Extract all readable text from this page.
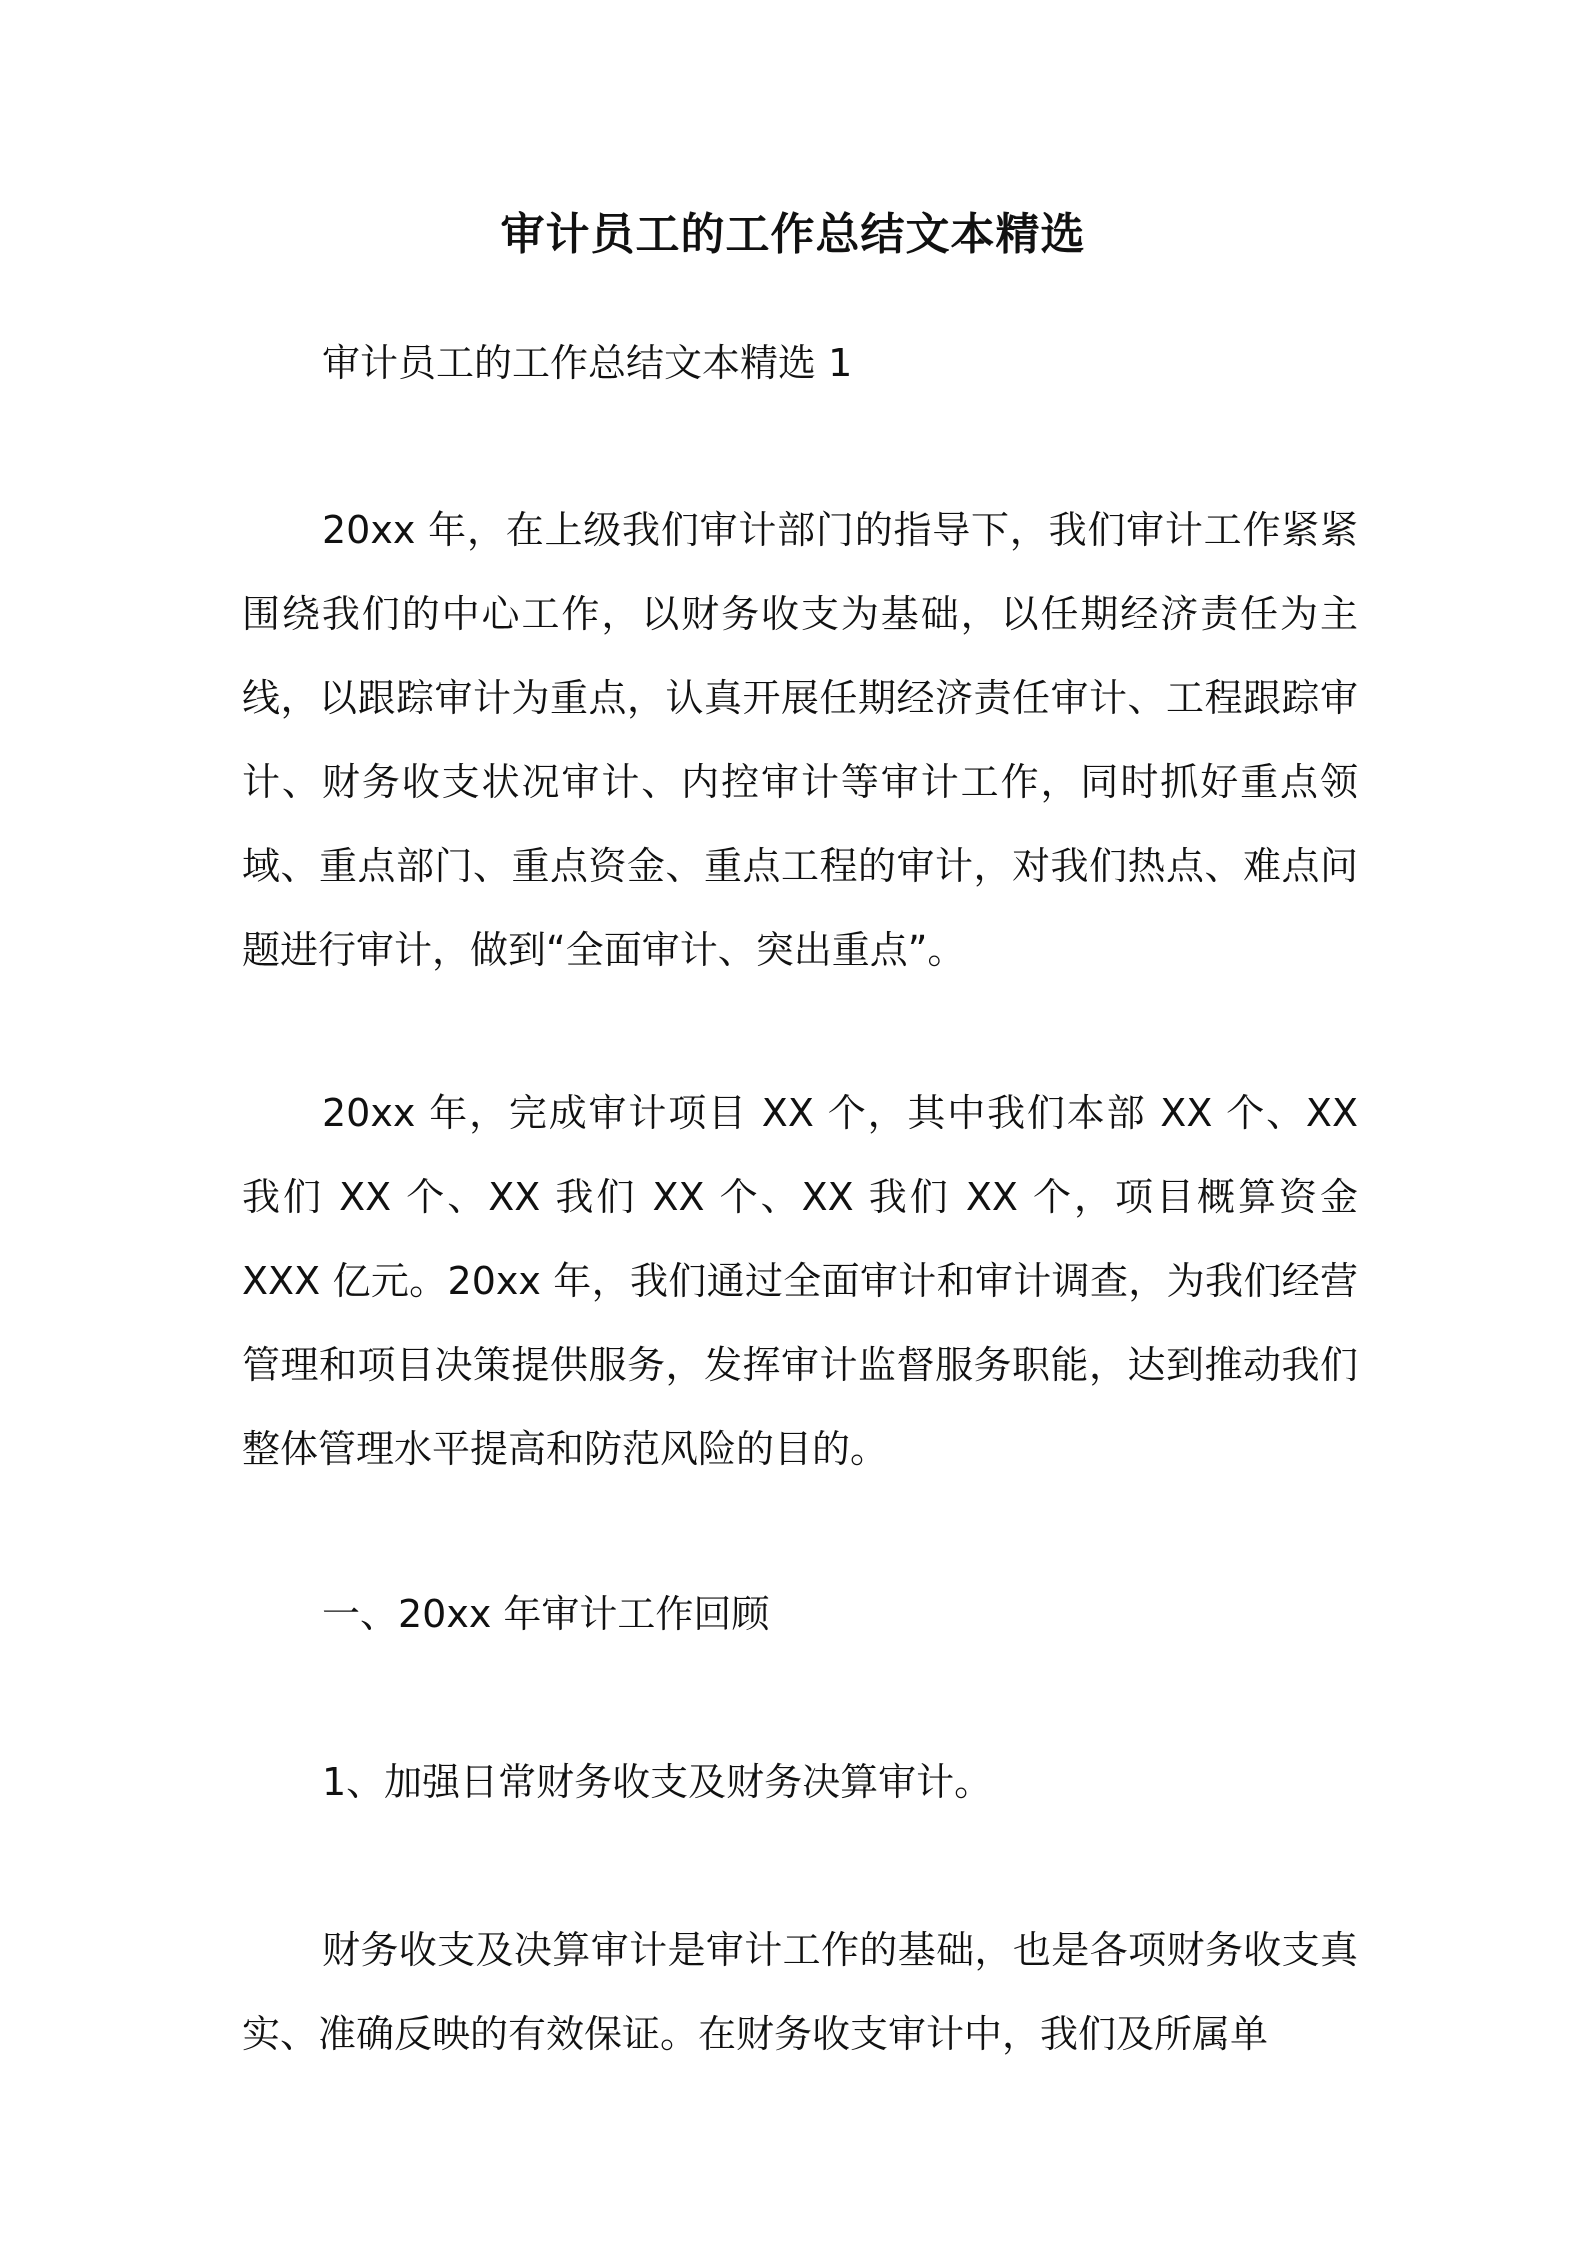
审计员工的工作总结文本精选

审计员工的工作总结文本精选 1

20xx 年，在上级我们审计部门的指导下，我们审计工作紧紧围绕我们的中心工作，以财务收支为基础，以任期经济责任为主线，以跟踪审计为重点，认真开展任期经济责任审计、工程跟踪审计、财务收支状况审计、内控审计等审计工作，同时抓好重点领域、重点部门、重点资金、重点工程的审计，对我们热点、难点问题进行审计，做到“全面审计、突出重点”。

20xx 年，完成审计项目 XX 个，其中我们本部 XX 个、XX 我们 XX 个、XX 我们 XX 个、XX 我们 XX 个，项目概算资金 XXX 亿元。20xx 年，我们通过全面审计和审计调查，为我们经营管理和项目决策提供服务，发挥审计监督服务职能，达到推动我们整体管理水平提高和防范风险的目的。

一、20xx 年审计工作回顾

1、加强日常财务收支及财务决算审计。

财务收支及决算审计是审计工作的基础，也是各项财务收支真实、准确反映的有效保证。在财务收支审计中，我们及所属单
